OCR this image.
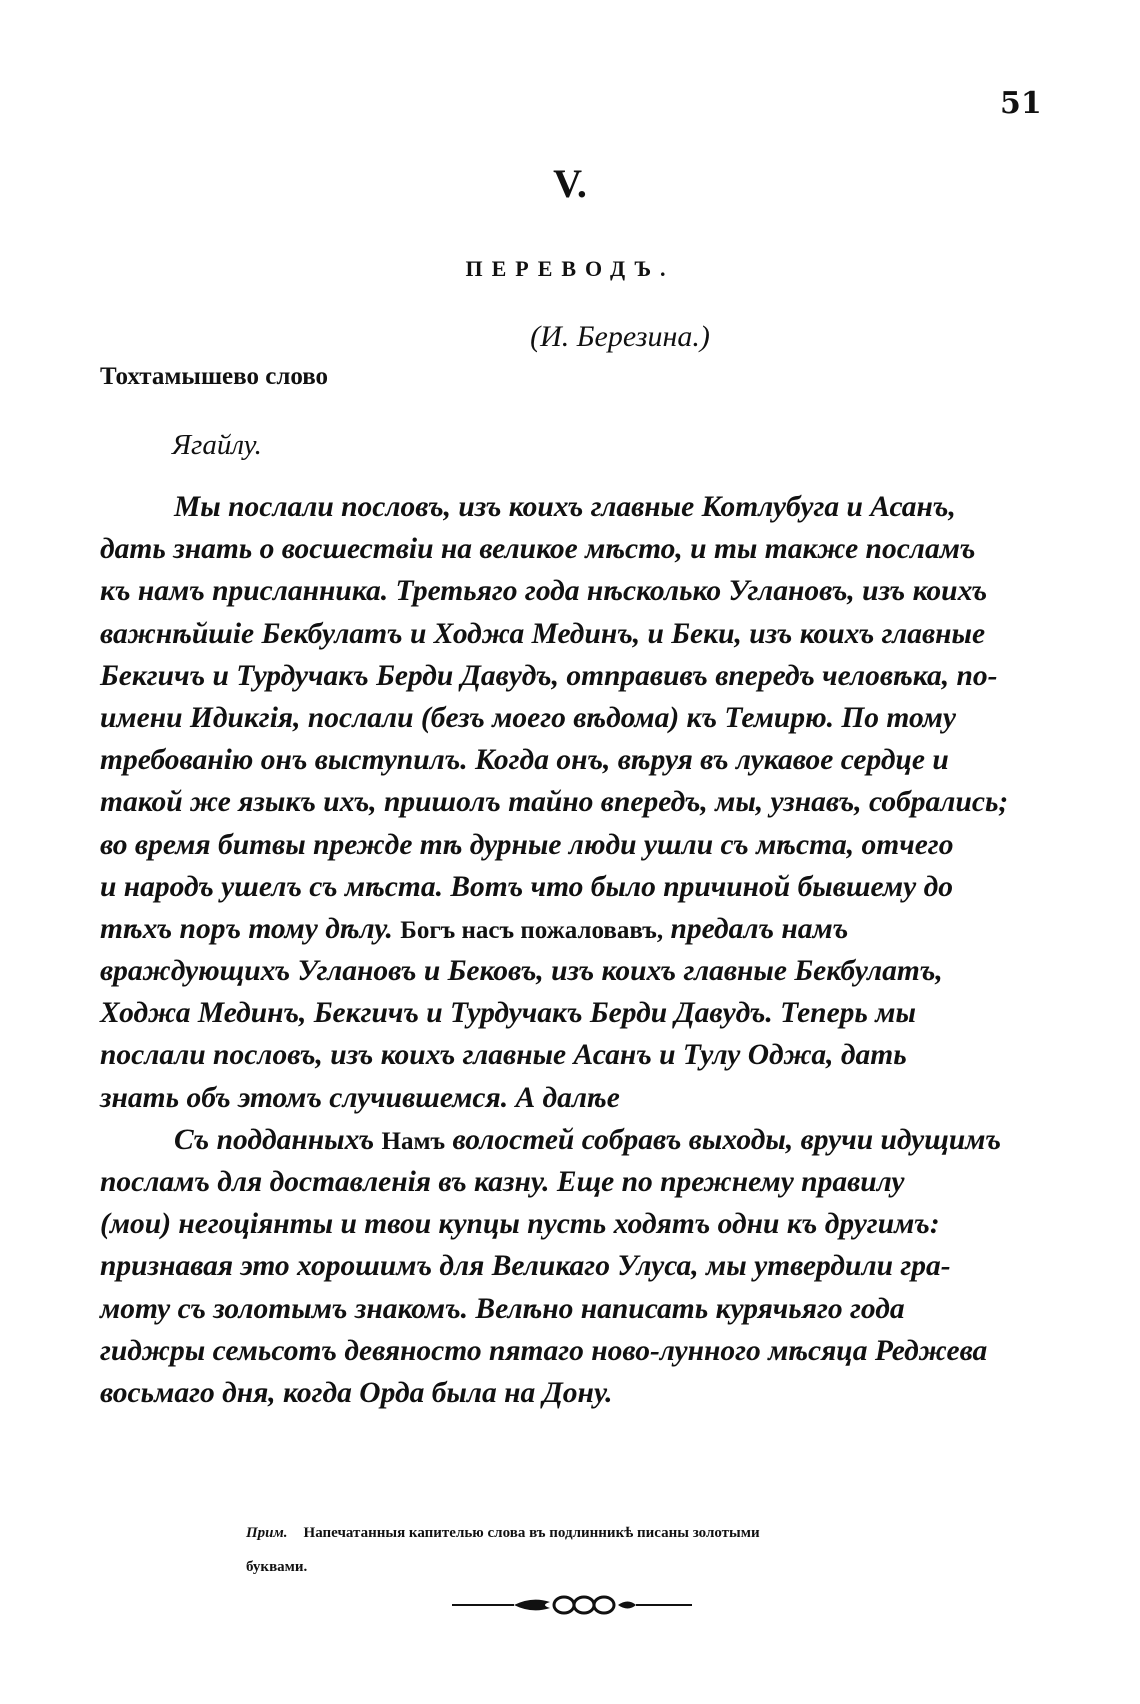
51
V.
ПЕРЕВОДЪ.
(И. Березина.)
Тохтамышево слово
Ягайлу.
Мы послали пословъ, изъ коихъ главные Котлубуга и Асанъ,
дать знать о восшествіи на великое мѣсто, и ты также посламъ
къ намъ присланника. Третьяго года нѣсколько Углановъ, изъ коихъ
важнѣйшіе Бекбулатъ и Ходжа Мединъ, и Беки, изъ коихъ главные
Бекгичъ и Турдучакъ Берди Давудъ, отправивъ впередъ человѣка, по-
имени Идикгія, послали (безъ моего вѣдома) къ Темирю. По тому
требованію онъ выступилъ. Когда онъ, вѣруя въ лукавое сердце и
такой же языкъ ихъ, пришолъ тайно впередъ, мы, узнавъ, собрались;
во время битвы прежде тѣ дурные люди ушли съ мѣста, отчего
и народъ ушелъ съ мѣста. Вотъ что было причиной бывшему до
тѣхъ поръ тому дѣлу. Богъ насъ пожаловавъ, предалъ намъ
враждующихъ Углановъ и Бековъ, изъ коихъ главные Бекбулатъ,
Ходжа Мединъ, Бекгичъ и Турдучакъ Берди Давудъ. Теперь мы
послали пословъ, изъ коихъ главные Асанъ и Тулу Оджа, дать
знать объ этомъ случившемся. А далѣе
Съ подданныхъ Намъ волостей собравъ выходы, вручи идущимъ
посламъ для доставленія въ казну. Еще по прежнему правилу
(мои) негоціянты и твои купцы пусть ходятъ одни къ другимъ:
признавая это хорошимъ для Великаго Улуса, мы утвердили гра-
моту съ золотымъ знакомъ. Велѣно написать курячьяго года
гиджры семьсотъ девяносто пятаго ново-лунного мѣсяца Реджева
восьмаго дня, когда Орда была на Дону.
Прим. Напечатанныя капителью слова въ подлинникѣ писаны золотыми
буквами.
